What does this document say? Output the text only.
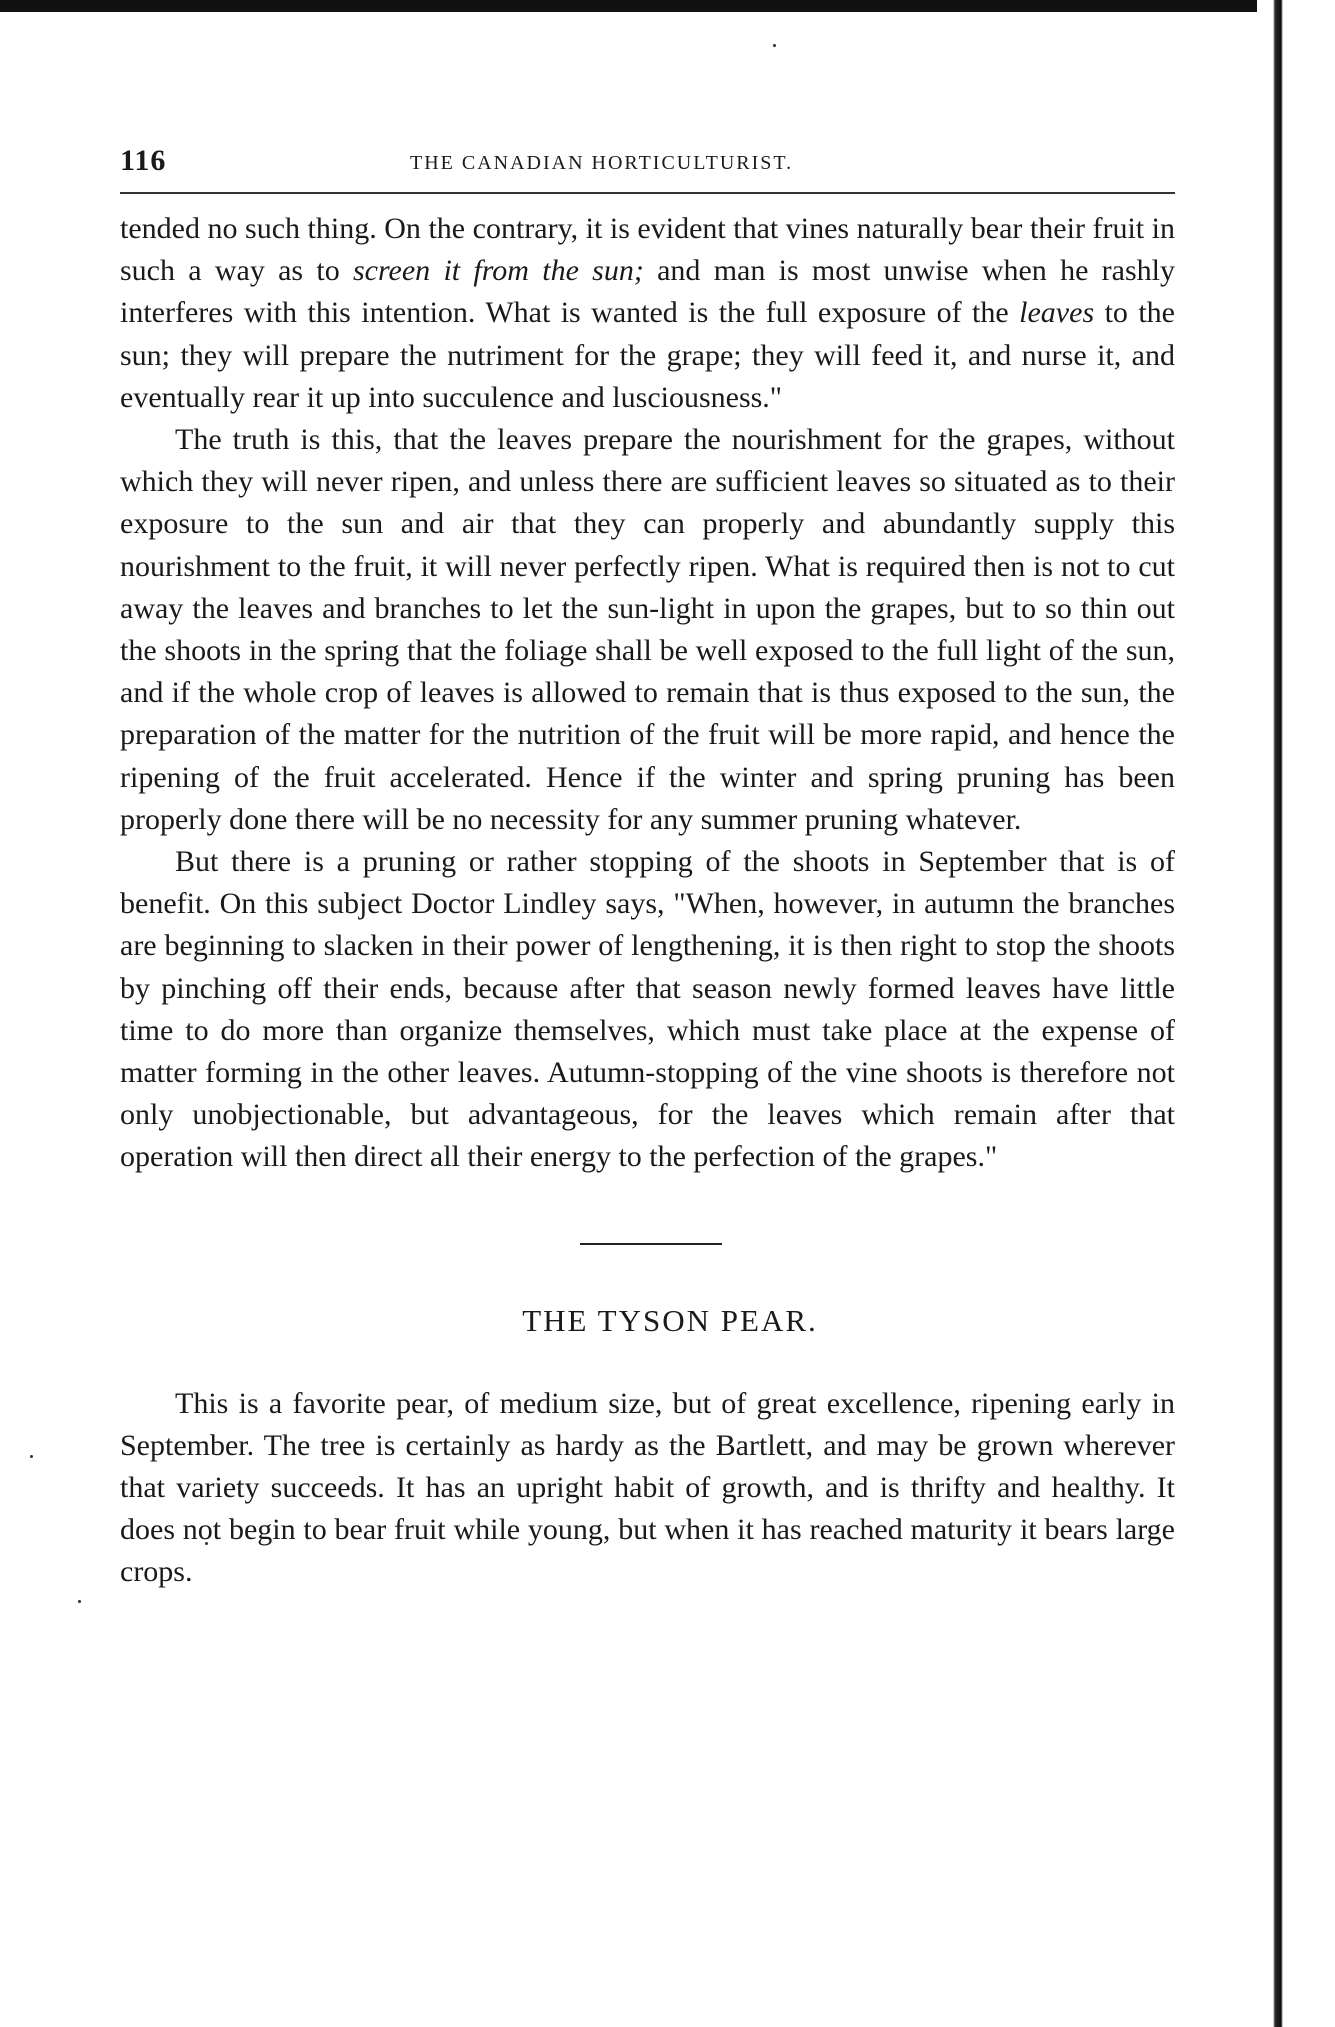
116	THE CANADIAN HORTICULTURIST.

tended no such thing. On the contrary, it is evident that vines naturally bear their fruit in such a way as to screen it from the sun; and man is most unwise when he rashly interferes with this intention. What is wanted is the full exposure of the leaves to the sun; they will prepare the nutriment for the grape; they will feed it, and nurse it, and eventually rear it up into succulence and lusciousness."

The truth is this, that the leaves prepare the nourishment for the grapes, without which they will never ripen, and unless there are sufficient leaves so situated as to their exposure to the sun and air that they can properly and abundantly supply this nourishment to the fruit, it will never perfectly ripen. What is required then is not to cut away the leaves and branches to let the sun-light in upon the grapes, but to so thin out the shoots in the spring that the foliage shall be well exposed to the full light of the sun, and if the whole crop of leaves is allowed to remain that is thus exposed to the sun, the preparation of the matter for the nutrition of the fruit will be more rapid, and hence the ripening of the fruit accelerated. Hence if the winter and spring pruning has been properly done there will be no necessity for any summer pruning whatever.

But there is a pruning or rather stopping of the shoots in September that is of benefit. On this subject Doctor Lindley says, "When, however, in autumn the branches are beginning to slacken in their power of lengthening, it is then right to stop the shoots by pinching off their ends, because after that season newly formed leaves have little time to do more than organize themselves, which must take place at the expense of matter forming in the other leaves. Autumn-stopping of the vine shoots is therefore not only unobjectionable, but advantageous, for the leaves which remain after that operation will then direct all their energy to the perfection of the grapes."

THE TYSON PEAR.

This is a favorite pear, of medium size, but of great excellence, ripening early in September. The tree is certainly as hardy as the Bartlett, and may be grown wherever that variety succeeds. It has an upright habit of growth, and is thrifty and healthy. It does not begin to bear fruit while young, but when it has reached maturity it bears large crops.
